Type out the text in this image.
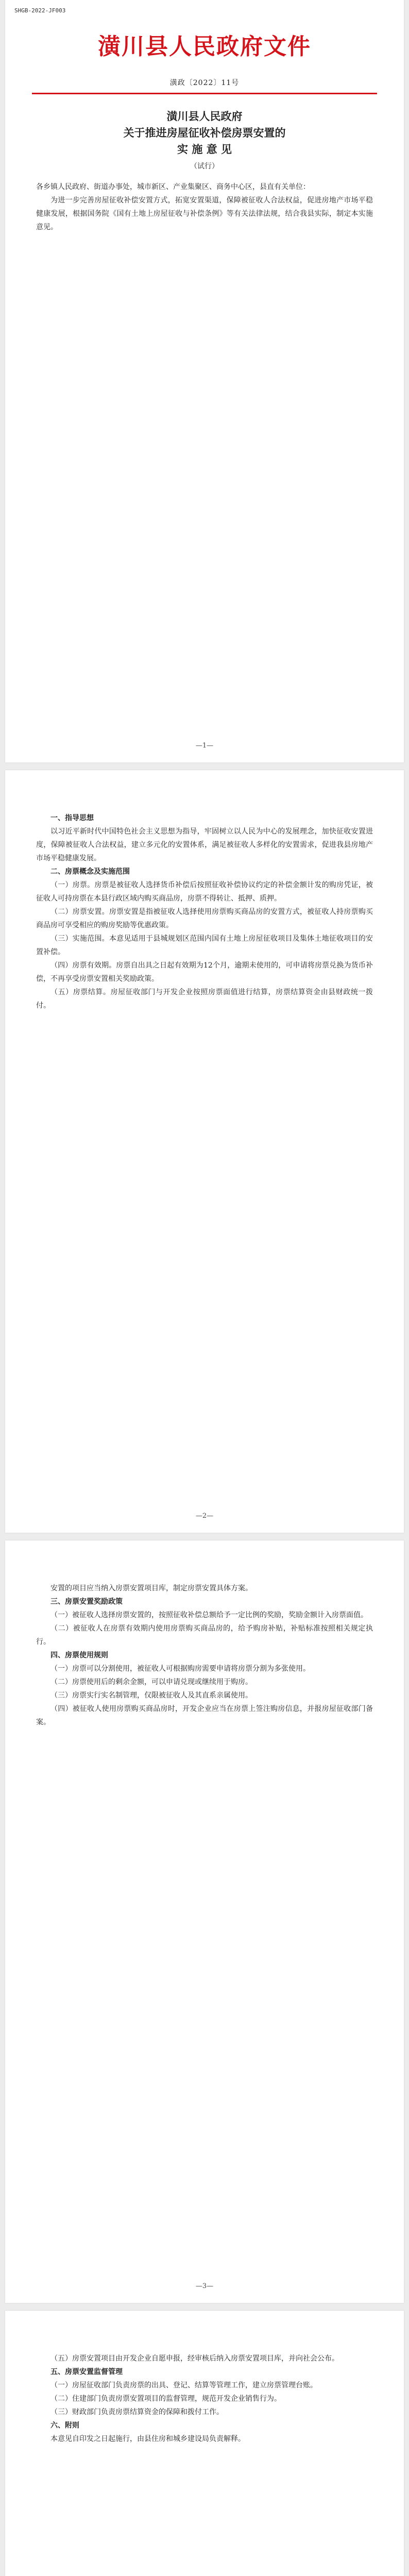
SHGB-2022-JF003
潢川县人民政府文件
潢政〔2022〕11号
潢川县人民政府
关于推进房屋征收补偿房票安置的
实 施 意 见
（试行）

各乡镇人民政府、街道办事处，城市新区、产业集聚区、商务中心区，县直有关单位：

为进一步完善房屋征收补偿安置方式，拓宽安置渠道，保障被征收人合法权益，促进房地产市场平稳健康发展，根据国务院《国有土地上房屋征收与补偿条例》等有关法律法规，结合我县实际，制定本实施意见。

—1—

一、指导思想

以习近平新时代中国特色社会主义思想为指导，牢固树立以人民为中心的发展理念，加快征收安置进度，保障被征收人合法权益，建立多元化的安置体系，满足被征收人多样化的安置需求，促进我县房地产市场平稳健康发展。

二、房票概念及实施范围

（一）房票。房票是被征收人选择货币补偿后按照征收补偿协议约定的补偿金额计发的购房凭证，被征收人可持房票在本县行政区域内购买商品房，房票不得转让、抵押、质押。

（二）房票安置。房票安置是指被征收人选择使用房票购买商品房的安置方式，被征收人持房票购买商品房可享受相应的购房奖励等优惠政策。

（三）实施范围。本意见适用于县城规划区范围内国有土地上房屋征收项目及集体土地征收项目的安置补偿。

（四）房票有效期。房票自出具之日起有效期为12个月，逾期未使用的，可申请将房票兑换为货币补偿，不再享受房票安置相关奖励政策。

（五）房票结算。房屋征收部门与开发企业按照房票面值进行结算，房票结算资金由县财政统一拨付。

—2—

安置的项目应当纳入房票安置项目库，制定房票安置具体方案。

三、房票安置奖励政策

（一）被征收人选择房票安置的，按照征收补偿总额给予一定比例的奖励，奖励金额计入房票面值。

（二）被征收人在房票有效期内使用房票购买商品房的，给予购房补贴，补贴标准按照相关规定执行。

四、房票使用规则

（一）房票可以分割使用，被征收人可根据购房需要申请将房票分割为多张使用。

（二）房票使用后的剩余金额，可以申请兑现或继续用于购房。

（三）房票实行实名制管理，仅限被征收人及其直系亲属使用。

（四）被征收人使用房票购买商品房时，开发企业应当在房票上签注购房信息，并报房屋征收部门备案。

—3—

（五）房票安置项目由开发企业自愿申报，经审核后纳入房票安置项目库，并向社会公布。

五、房票安置监督管理

（一）房屋征收部门负责房票的出具、登记、结算等管理工作，建立房票管理台账。

（二）住建部门负责房票安置项目的监督管理，规范开发企业销售行为。

（三）财政部门负责房票结算资金的保障和拨付工作。

六、附则

本意见自印发之日起施行，由县住房和城乡建设局负责解释。
